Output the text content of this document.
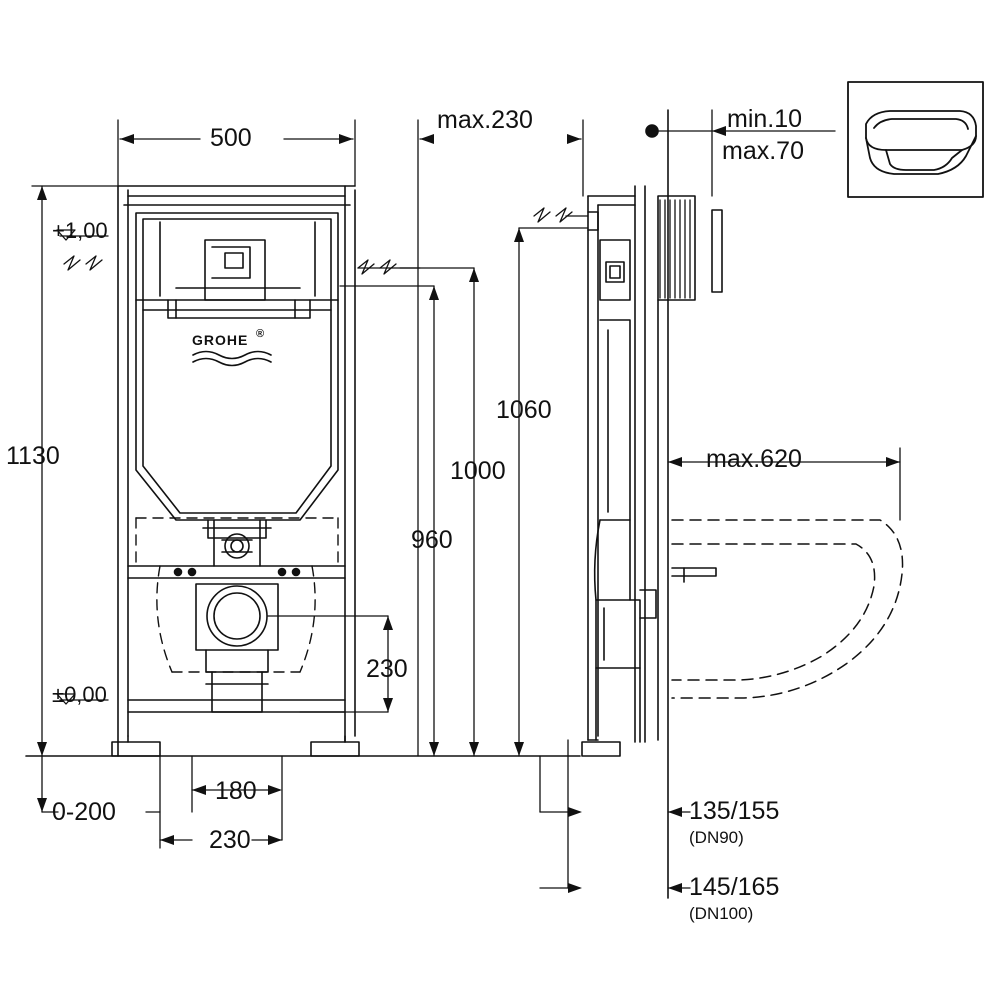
500
max.230	min.10
max.70
+1,00
±0,00
1130
1060
1000
960
230
max.620
180
0-200
230
135/155
(DN90)
145/165
(DN100)
GROHE ®
